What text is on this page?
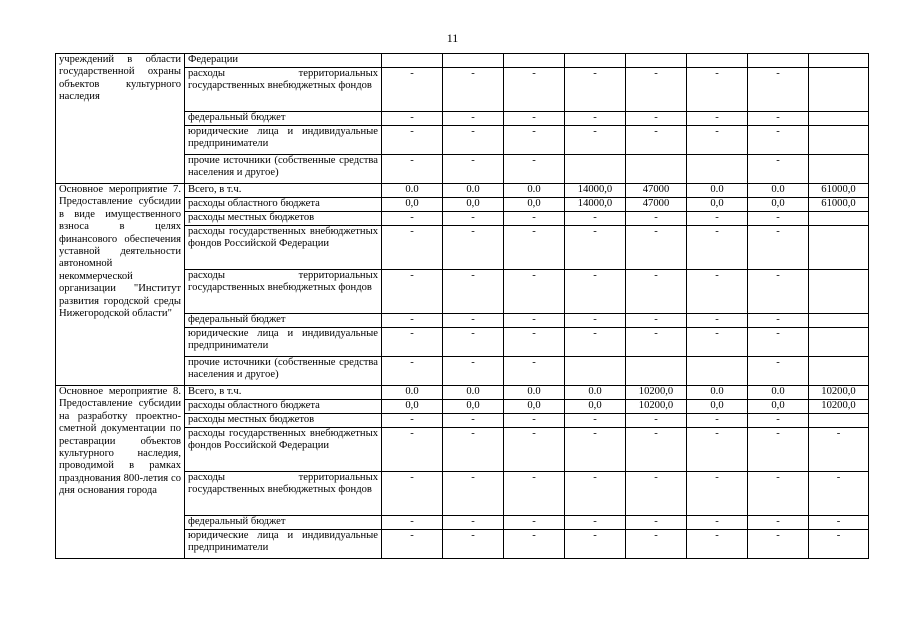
11
учреждений в области государственной охраны объектов культурного наследия	Федерации								
	расходы территориальных государственных внебюджетных фондов	-	-	-	-	-	-	-	
	федеральный бюджет	-	-	-	-	-	-	-	
	юридические лица и индивидуальные предприниматели	-	-	-	-	-	-	-	
	прочие источники (собственные средства населения и другое)	-	-	-				-	
Основное мероприятие 7. Предоставление субсидии в виде имущественного взноса в целях финансового обеспечения уставной деятельности автономной некоммерческой организации "Институт развития городской среды Нижегородской области"	Всего, в т.ч.	0.0	0.0	0.0	14000,0	47000	0.0	0.0	61000,0
	расходы областного бюджета	0,0	0,0	0,0	14000,0	47000	0,0	0,0	61000,0
	расходы местных бюджетов	-	-	-	-	-	-	-	
	расходы государственных внебюджетных фондов Российской Федерации	-	-	-	-	-	-	-	
	расходы территориальных государственных внебюджетных фондов	-	-	-	-	-	-	-	
	федеральный бюджет	-	-	-	-	-	-	-	
	юридические лица и индивидуальные предприниматели	-	-	-	-	-	-	-	
	прочие источники (собственные средства населения и другое)	-	-	-				-	
Основное мероприятие 8. Предоставление субсидии на разработку проектно-сметной документации по реставрации объектов культурного наследия, проводимой в рамках празднования 800-летия со дня основания города	Всего, в т.ч.	0.0	0.0	0.0	0.0	10200,0	0.0	0.0	10200,0
	расходы областного бюджета	0,0	0,0	0,0	0,0	10200,0	0,0	0,0	10200,0
	расходы местных бюджетов	-	-	-	-	-	-	-	
	расходы государственных внебюджетных фондов Российской Федерации	-	-	-	-	-	-	-	-
	расходы территориальных государственных внебюджетных фондов	-	-	-	-	-	-	-	-
	федеральный бюджет	-	-	-	-	-	-	-	-
	юридические лица и индивидуальные предприниматели	-	-	-	-	-	-	-	-
